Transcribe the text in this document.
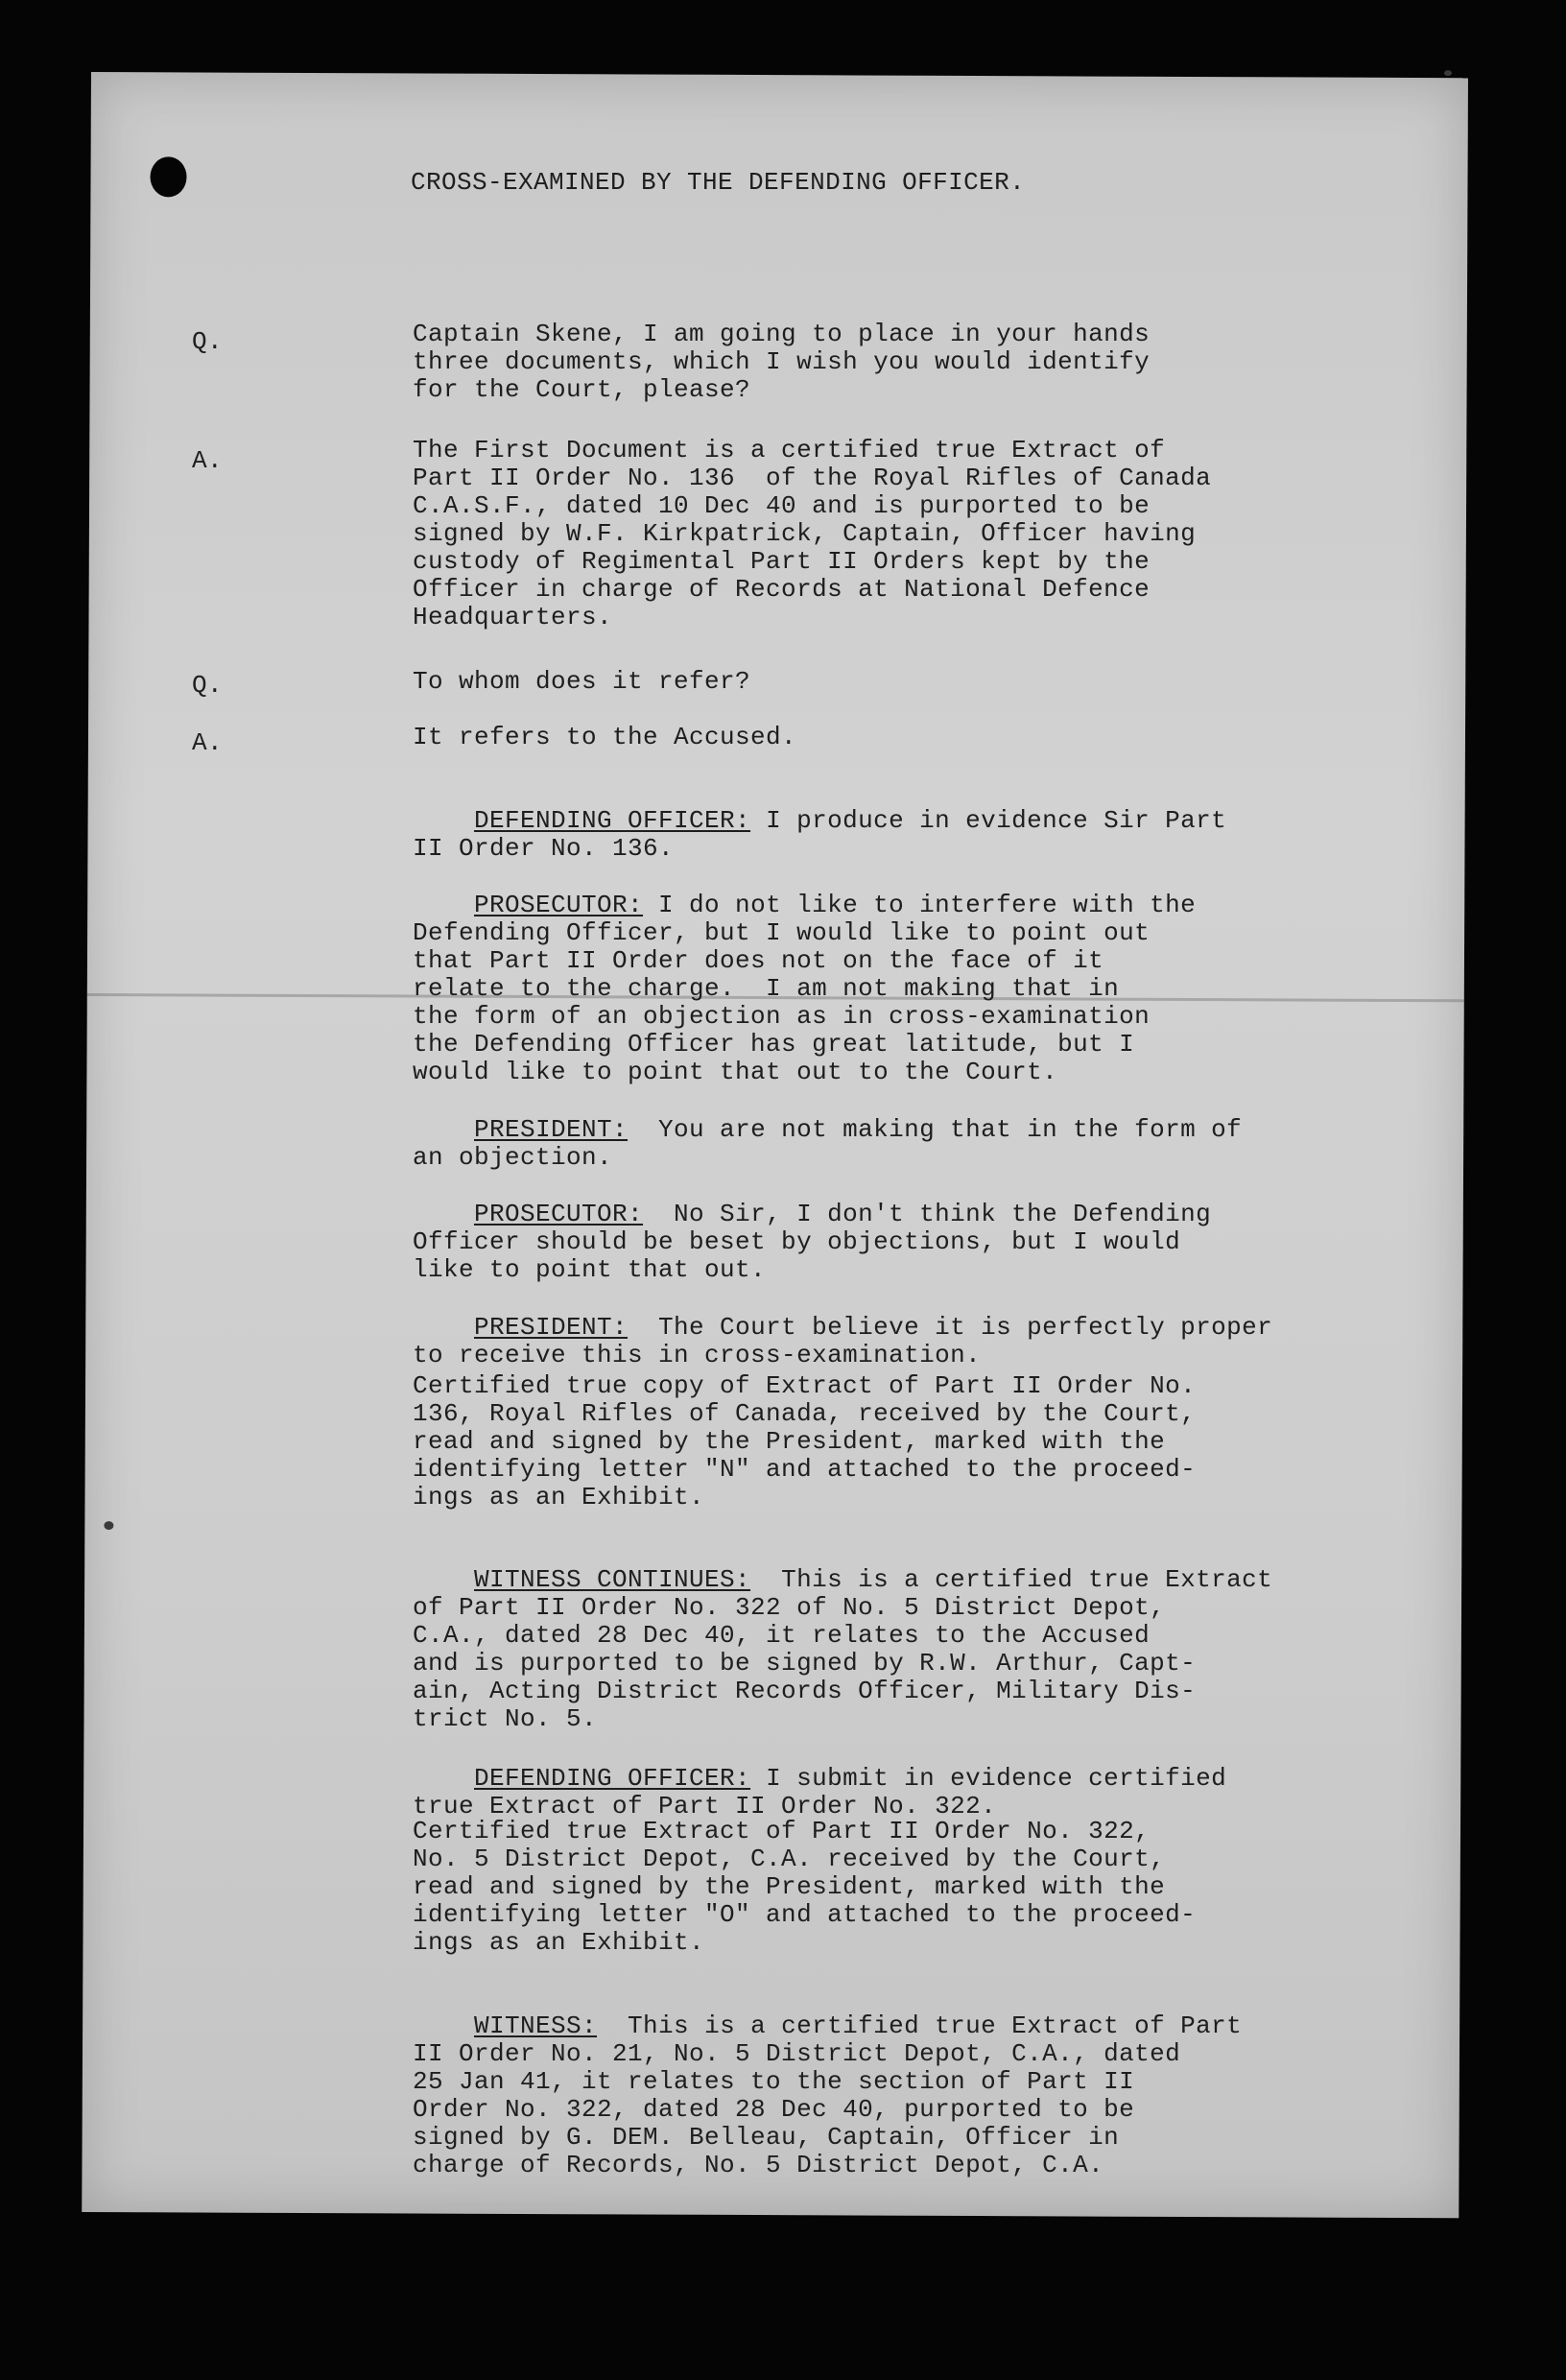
CROSS-EXAMINED BY THE DEFENDING OFFICER.
Q.	Captain Skene, I am going to place in your hands
three documents, which I wish you would identify
for the Court, please?
A.	The First Document is a certified true Extract of
Part II Order No. 136  of the Royal Rifles of Canada
C.A.S.F., dated 10 Dec 40 and is purported to be
signed by W.F. Kirkpatrick, Captain, Officer having
custody of Regimental Part II Orders kept by the
Officer in charge of Records at National Defence
Headquarters.
Q.	To whom does it refer?
A.	It refers to the Accused.

DEFENDING OFFICER: I produce in evidence Sir Part
II Order No. 136.

PROSECUTOR: I do not like to interfere with the
Defending Officer, but I would like to point out
that Part II Order does not on the face of it
relate to the charge.  I am not making that in
the form of an objection as in cross-examination
the Defending Officer has great latitude, but I
would like to point that out to the Court.

PRESIDENT:  You are not making that in the form of
an objection.

PROSECUTOR:  No Sir, I don't think the Defending
Officer should be beset by objections, but I would
like to point that out.

PRESIDENT:  The Court believe it is perfectly proper
to receive this in cross-examination.

Certified true copy of Extract of Part II Order No.
136, Royal Rifles of Canada, received by the Court,
read and signed by the President, marked with the
identifying letter "N" and attached to the proceed-
ings as an Exhibit.

WITNESS CONTINUES:  This is a certified true Extract
of Part II Order No. 322 of No. 5 District Depot,
C.A., dated 28 Dec 40, it relates to the Accused
and is purported to be signed by R.W. Arthur, Capt-
ain, Acting District Records Officer, Military Dis-
trict No. 5.

DEFENDING OFFICER: I submit in evidence certified
true Extract of Part II Order No. 322.

Certified true Extract of Part II Order No. 322,
No. 5 District Depot, C.A. received by the Court,
read and signed by the President, marked with the
identifying letter "O" and attached to the proceed-
ings as an Exhibit.

WITNESS:  This is a certified true Extract of Part
II Order No. 21, No. 5 District Depot, C.A., dated
25 Jan 41, it relates to the section of Part II
Order No. 322, dated 28 Dec 40, purported to be
signed by G. DEM. Belleau, Captain, Officer in
charge of Records, No. 5 District Depot, C.A.
